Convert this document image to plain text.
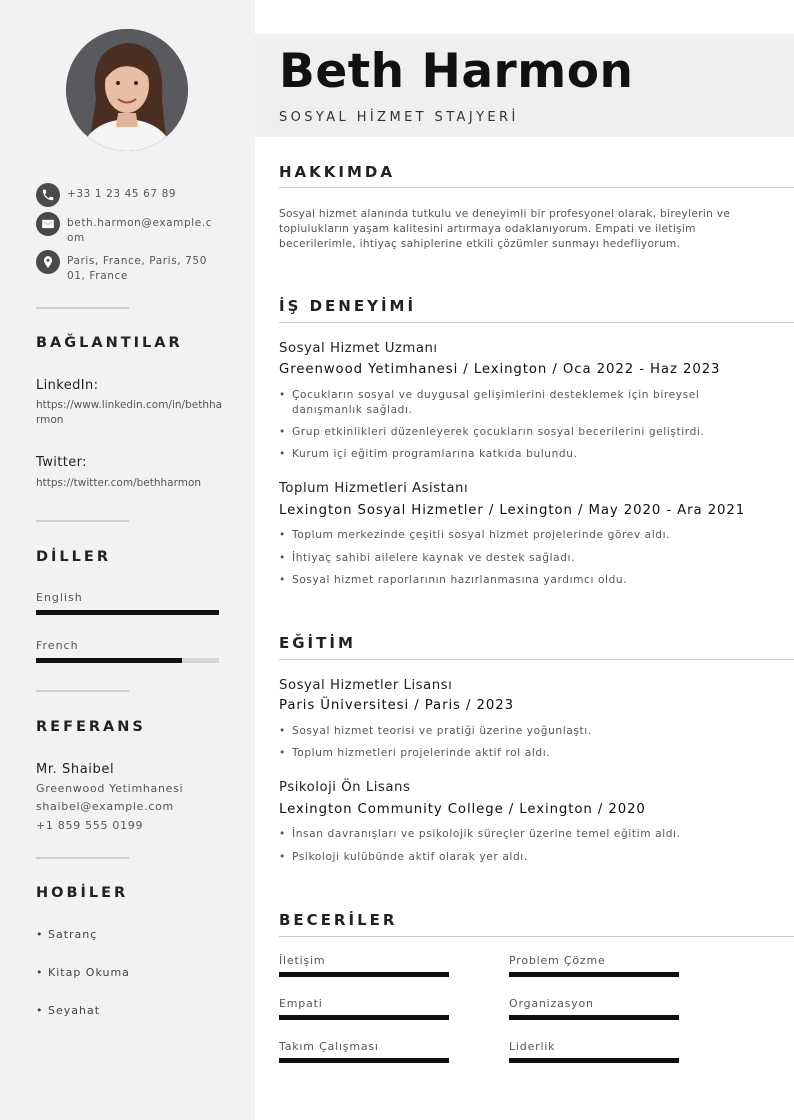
+33 1 23 45 67 89
beth.harmon@example.com
Paris, France, Paris, 75001, France
BAĞLANTILAR
LinkedIn:
https://www.linkedin.com/in/bethharmon
Twitter:
https://twitter.com/bethharmon
DİLLER
English
French
REFERANS
Mr. Shaibel
Greenwood Yetimhanesi
shaibel@example.com
+1 859 555 0199
HOBİLER
• Satranç
• Kitap Okuma
• Seyahat
Beth Harmon
SOSYAL HİZMET STAJYERİ
HAKKIMDA
Sosyal hizmet alanında tutkulu ve deneyimli bir profesyonel olarak, bireylerin ve toplulukların yaşam kalitesini artırmaya odaklanıyorum. Empati ve iletişim becerilerimle, ihtiyaç sahiplerine etkili çözümler sunmayı hedefliyorum.
İŞ DENEYİMİ
Sosyal Hizmet Uzmanı
Greenwood Yetimhanesi / Lexington / Oca 2022 - Haz 2023
• Çocukların sosyal ve duygusal gelişimlerini desteklemek için bireysel danışmanlık sağladı.
• Grup etkinlikleri düzenleyerek çocukların sosyal becerilerini geliştirdi.
• Kurum içi eğitim programlarına katkıda bulundu.
Toplum Hizmetleri Asistanı
Lexington Sosyal Hizmetler / Lexington / May 2020 - Ara 2021
• Toplum merkezinde çeşitli sosyal hizmet projelerinde görev aldı.
• İhtiyaç sahibi ailelere kaynak ve destek sağladı.
• Sosyal hizmet raporlarının hazırlanmasına yardımcı oldu.
EĞİTİM
Sosyal Hizmetler Lisansı
Paris Üniversitesi / Paris / 2023
• Sosyal hizmet teorisi ve pratiği üzerine yoğunlaştı.
• Toplum hizmetleri projelerinde aktif rol aldı.
Psikoloji Ön Lisans
Lexington Community College / Lexington / 2020
• İnsan davranışları ve psikolojik süreçler üzerine temel eğitim aldı.
• Psikoloji kulübünde aktif olarak yer aldı.
BECERİLER
İletişim	Problem Çözme
Empati	Organizasyon
Takım Çalışması	Liderlik
